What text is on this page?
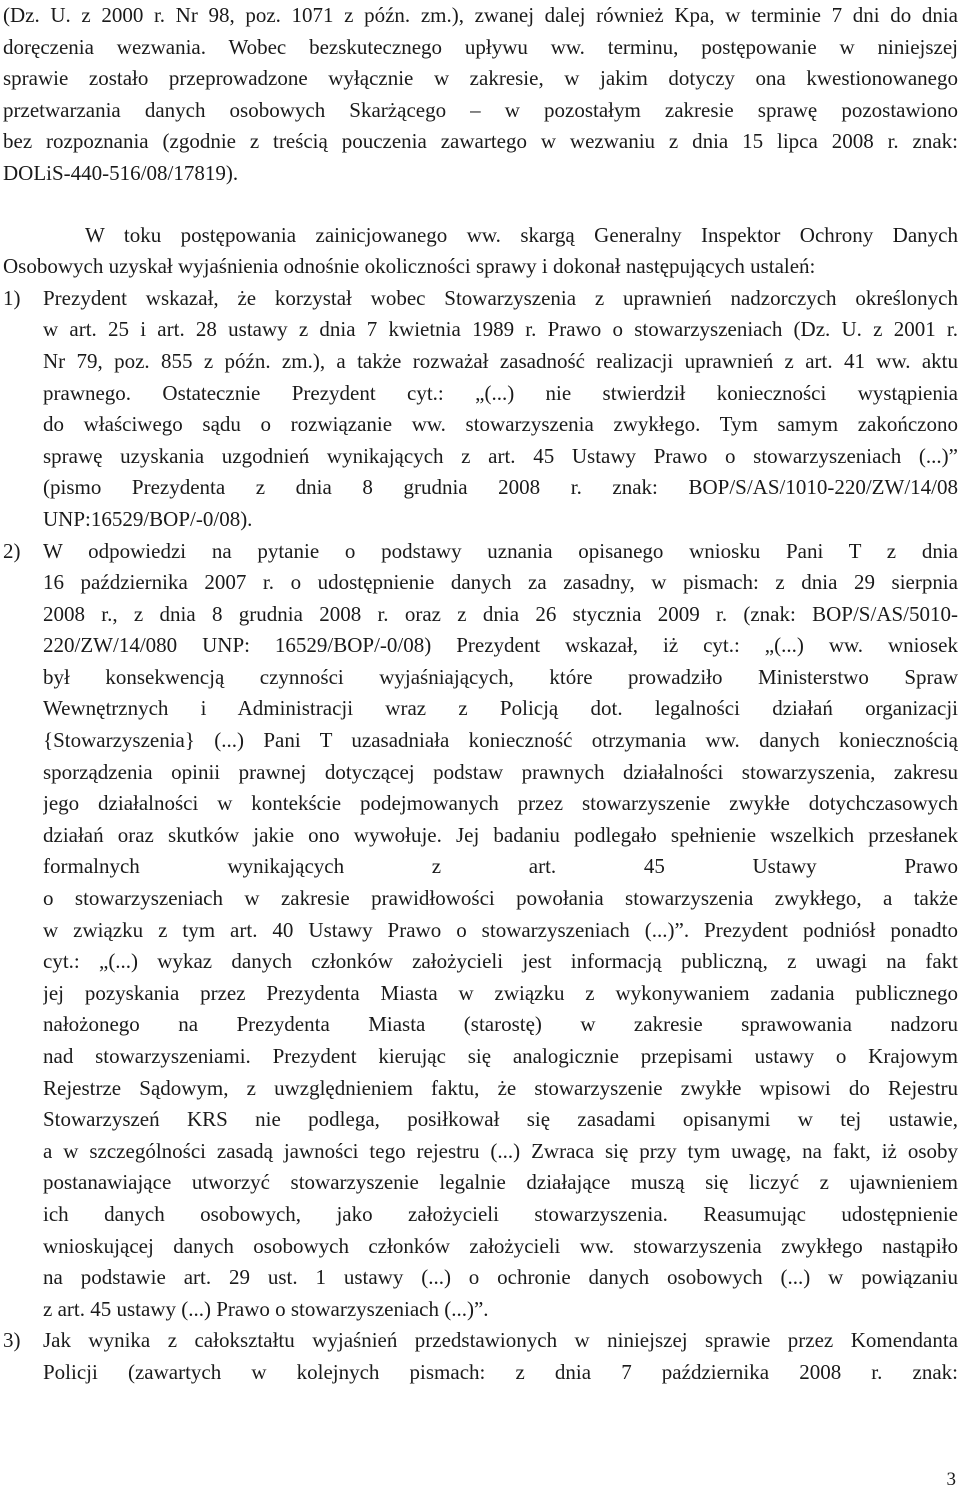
(Dz. U. z 2000 r. Nr 98, poz. 1071 z późn. zm.), zwanej dalej również Kpa, w terminie 7 dni do dnia
doręczenia wezwania. Wobec bezskutecznego upływu ww. terminu, postępowanie w niniejszej
sprawie zostało przeprowadzone wyłącznie w zakresie, w jakim dotyczy ona kwestionowanego
przetwarzania danych osobowych Skarżącego – w pozostałym zakresie sprawę pozostawiono
bez rozpoznania (zgodnie z treścią pouczenia zawartego w wezwaniu z dnia 15 lipca 2008 r. znak:
DOLiS-440-516/08/17819).
W toku postępowania zainicjowanego ww. skargą Generalny Inspektor Ochrony Danych
Osobowych uzyskał wyjaśnienia odnośnie okoliczności sprawy i dokonał następujących ustaleń:
1) Prezydent wskazał, że korzystał wobec Stowarzyszenia z uprawnień nadzorczych określonych
w art. 25 i art. 28 ustawy z dnia 7 kwietnia 1989 r. Prawo o stowarzyszeniach (Dz. U. z 2001 r.
Nr 79, poz. 855 z późn. zm.), a także rozważał zasadność realizacji uprawnień z art. 41 ww. aktu
prawnego. Ostatecznie Prezydent cyt.: „(...) nie stwierdził konieczności wystąpienia
do właściwego sądu o rozwiązanie ww. stowarzyszenia zwykłego. Tym samym zakończono
sprawę uzyskania uzgodnień wynikających z art. 45 Ustawy Prawo o stowarzyszeniach (...)”
(pismo Prezydenta z dnia 8 grudnia 2008 r. znak: BOP/S/AS/1010-220/ZW/14/08
UNP:16529/BOP/-0/08).
2) W odpowiedzi na pytanie o podstawy uznania opisanego wniosku Pani T z dnia
16 października 2007 r. o udostępnienie danych za zasadny, w pismach: z dnia 29 sierpnia
2008 r., z dnia 8 grudnia 2008 r. oraz z dnia 26 stycznia 2009 r. (znak: BOP/S/AS/5010-
220/ZW/14/080 UNP: 16529/BOP/-0/08) Prezydent wskazał, iż cyt.: „(...) ww. wniosek
był konsekwencją czynności wyjaśniających, które prowadziło Ministerstwo Spraw
Wewnętrznych i Administracji wraz z Policją dot. legalności działań organizacji
{Stowarzyszenia} (...) Pani T uzasadniała konieczność otrzymania ww. danych koniecznością
sporządzenia opinii prawnej dotyczącej podstaw prawnych działalności stowarzyszenia, zakresu
jego działalności w kontekście podejmowanych przez stowarzyszenie zwykłe dotychczasowych
działań oraz skutków jakie ono wywołuje. Jej badaniu podlegało spełnienie wszelkich przesłanek
formalnych wynikających z art. 45 Ustawy Prawo
o stowarzyszeniach w zakresie prawidłowości powołania stowarzyszenia zwykłego, a także
w związku z tym art. 40 Ustawy Prawo o stowarzyszeniach (...)”. Prezydent podniósł ponadto
cyt.: „(...) wykaz danych członków założycieli jest informacją publiczną, z uwagi na fakt
jej pozyskania przez Prezydenta Miasta w związku z wykonywaniem zadania publicznego
nałożonego na Prezydenta Miasta (starostę) w zakresie sprawowania nadzoru
nad stowarzyszeniami. Prezydent kierując się analogicznie przepisami ustawy o Krajowym
Rejestrze Sądowym, z uwzględnieniem faktu, że stowarzyszenie zwykłe wpisowi do Rejestru
Stowarzyszeń KRS nie podlega, posiłkował się zasadami opisanymi w tej ustawie,
a w szczególności zasadą jawności tego rejestru (...) Zwraca się przy tym uwagę, na fakt, iż osoby
postanawiające utworzyć stowarzyszenie legalnie działające muszą się liczyć z ujawnieniem
ich danych osobowych, jako założycieli stowarzyszenia. Reasumując udostępnienie
wnioskującej danych osobowych członków założycieli ww. stowarzyszenia zwykłego nastąpiło
na podstawie art. 29 ust. 1 ustawy (...) o ochronie danych osobowych (...) w powiązaniu
z art. 45 ustawy (...) Prawo o stowarzyszeniach (...)”.
3) Jak wynika z całokształtu wyjaśnień przedstawionych w niniejszej sprawie przez Komendanta
Policji (zawartych w kolejnych pismach: z dnia 7 października 2008 r. znak:
3
